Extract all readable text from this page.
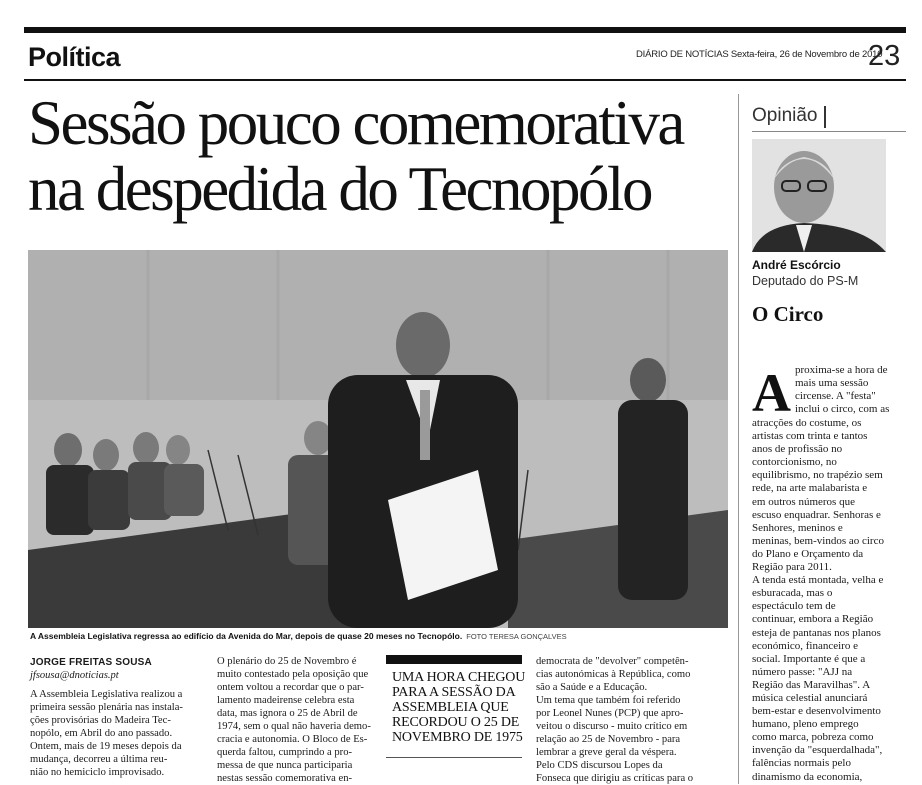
Política	DIÁRIO DE NOTÍCIAS Sexta-feira, 26 de Novembro de 2010
23
Sessão pouco comemorativa
na despedida do Tecnopólo
A Assembleia Legislativa regressa ao edifício da Avenida do Mar, depois de quase 20 meses no Tecnopólo. FOTO TERESA GONÇALVES
JORGE FREITAS SOUSA
jfsousa@dnoticias.pt
A Assembleia Legislativa realizou a
primeira sessão plenária nas instala-
ções provisórias do Madeira Tec-
nopólo, em Abril do ano passado.
Ontem, mais de 19 meses depois da
mudança, decorreu a última reu-
nião no hemiciclo improvisado.
O plenário do 25 de Novembro é
muito contestado pela oposição que
ontem voltou a recordar que o par-
lamento madeirense celebra esta
data, mas ignora o 25 de Abril de
1974, sem o qual não haveria demo-
cracia e autonomia. O Bloco de Es-
querda faltou, cumprindo a pro-
messa de que nunca participaria
nestas sessão comemorativa en-
UMA HORA CHEGOU
PARA A SESSÃO DA
ASSEMBLEIA QUE
RECORDOU O 25 DE
NOVEMBRO DE 1975
democrata de "devolver" competên-
cias autonómicas à República, como
são a Saúde e a Educação.
Um tema que também foi referido
por Leonel Nunes (PCP) que apro-
veitou o discurso - muito crítico em
relação ao 25 de Novembro - para
lembrar a greve geral da véspera.
Pelo CDS discursou Lopes da
Fonseca que dirigiu as críticas para o
Opinião
André Escórcio
Deputado do PS-M
O Circo
A proxima-se a hora de
mais uma sessão
circense. A "festa"
inclui o circo, com as
atracções do costume, os
artistas com trinta e tantos
anos de profissão no
contorcionismo, no
equilibrismo, no trapézio sem
rede, na arte malabarista e
em outros números que
escuso enquadrar. Senhoras e
Senhores, meninos e
meninas, bem-vindos ao circo
do Plano e Orçamento da
Região para 2011.
A tenda está montada, velha e
esburacada, mas o
espectáculo tem de
continuar, embora a Região
esteja de pantanas nos planos
económico, financeiro e
social. Importante é que a
número passe: "AJJ na
Região das Maravilhas". A
música celestial anunciará
bem-estar e desenvolvimento
humano, pleno emprego
como marca, pobreza como
invenção da "esquerdalhada",
falências normais pelo
dinamismo da economia,
